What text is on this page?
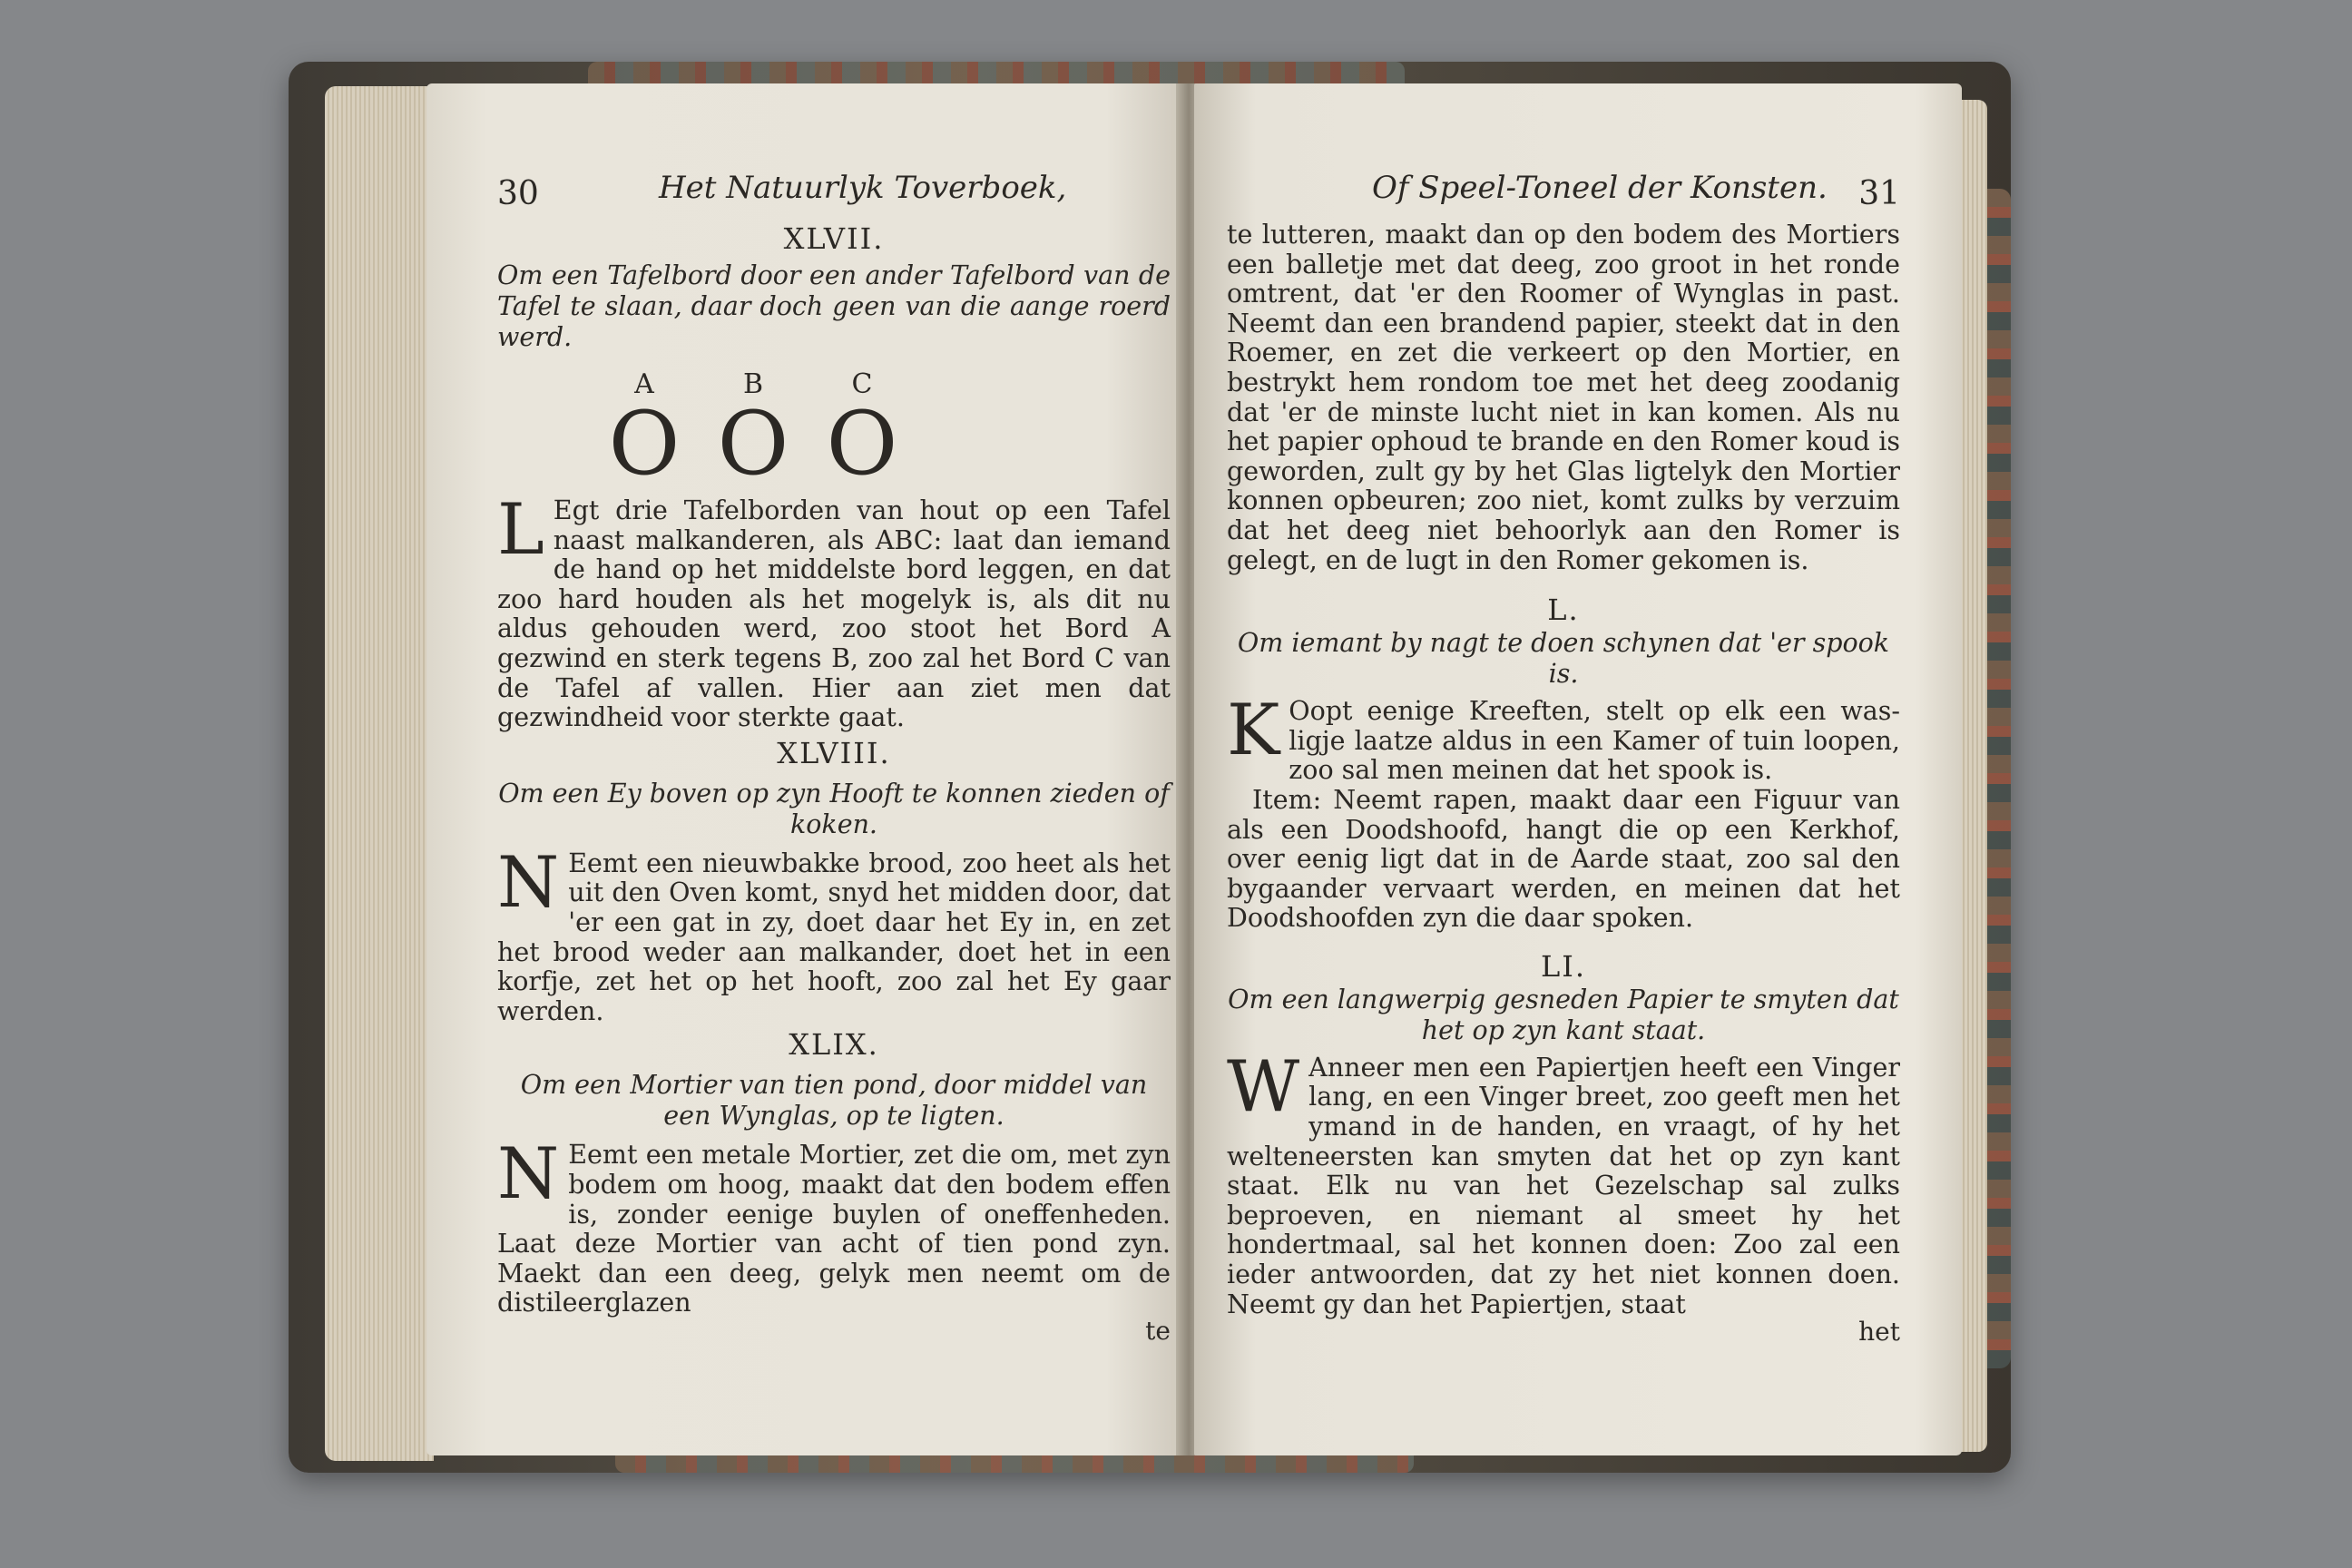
30	Het Natuurlyk Toverboek,
XLVII.
Om een Tafelbord door een ander Tafelbord van de Tafel te slaan, daar doch geen van die aange roerd werd.
A
O
B
O
C
O

L Egt drie Tafelborden van hout op een Tafel naast malkanderen, als ABC: laat dan iemand de hand op het middelste bord leggen, en dat zoo hard houden als het mogelyk is, als dit nu aldus gehouden werd, zoo stoot het Bord A gezwind en sterk tegens B, zoo zal het Bord C van de Tafel af vallen. Hier aan ziet men dat gezwindheid voor sterkte gaat.

XLVIII.
Om een Ey boven op zyn Hooft te konnen zieden of koken.

N Eemt een nieuwbakke brood, zoo heet als het uit den Oven komt, snyd het midden door, dat 'er een gat in zy, doet daar het Ey in, en zet het brood weder aan malkander, doet het in een korfje, zet het op het hooft, zoo zal het Ey gaar werden.

XLIX.
Om een Mortier van tien pond, door middel van een Wynglas, op te ligten.

N Eemt een metale Mortier, zet die om, met zyn bodem om hoog, maakt dat den bodem effen is, zonder eenige buylen of oneffenheden. Laat deze Mortier van acht of tien pond zyn. Maekt dan een deeg, gelyk men neemt om de distileerglazen

te
Of Speel-Toneel der Konsten. 31

te lutteren, maakt dan op den bodem des Mortiers een balletje met dat deeg, zoo groot in het ronde omtrent, dat 'er den Roomer of Wynglas in past. Neemt dan een brandend papier, steekt dat in den Roemer, en zet die verkeert op den Mortier, en bestrykt hem rondom toe met het deeg zoodanig dat 'er de minste lucht niet in kan komen. Als nu het papier ophoud te brande en den Romer koud is geworden, zult gy by het Glas ligtelyk den Mortier konnen opbeuren; zoo niet, komt zulks by verzuim dat het deeg niet behoorlyk aan den Romer is gelegt, en de lugt in den Romer gekomen is.

L.
Om iemant by nagt te doen schynen dat 'er spook is.

K Oopt eenige Kreeften, stelt op elk een was-ligje laatze aldus in een Kamer of tuin loopen, zoo sal men meinen dat het spook is.

Item: Neemt rapen, maakt daar een Figuur van als een Doodshoofd, hangt die op een Kerkhof, over eenig ligt dat in de Aarde staat, zoo sal den bygaander vervaart werden, en meinen dat het Doodshoofden zyn die daar spoken.

LI.
Om een langwerpig gesneden Papier te smyten dat het op zyn kant staat.

W Anneer men een Papiertjen heeft een Vinger lang, en een Vinger breet, zoo geeft men het ymand in de handen, en vraagt, of hy het welteneersten kan smyten dat het op zyn kant staat. Elk nu van het Gezelschap sal zulks beproeven, en niemant al smeet hy het hondertmaal, sal het konnen doen: Zoo zal een ieder antwoorden, dat zy het niet konnen doen. Neemt gy dan het Papiertjen, staat

het
